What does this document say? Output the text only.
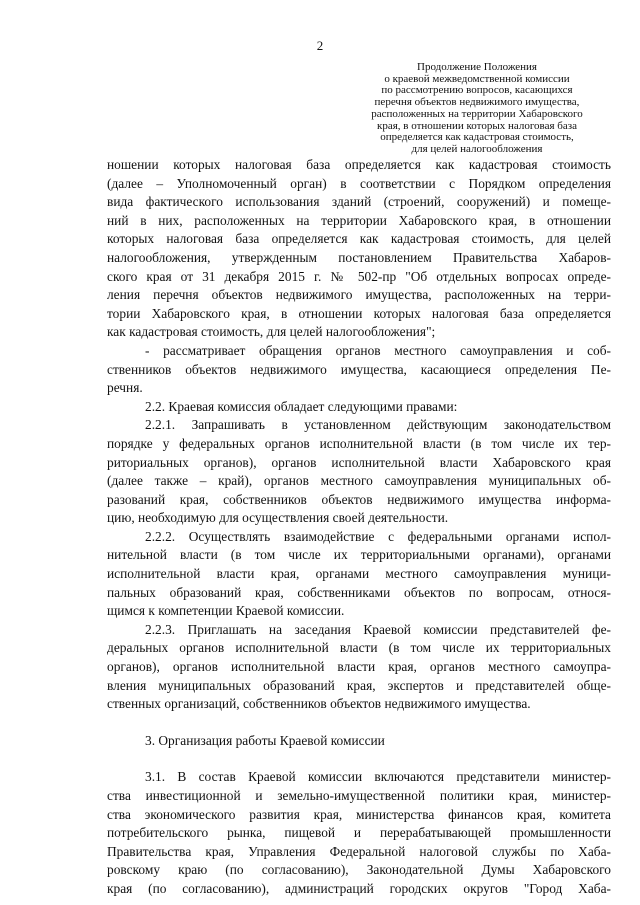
2
Продолжение Положения
о краевой межведомственной комиссии
по рассмотрению вопросов, касающихся
перечня объектов недвижимого имущества,
расположенных на территории Хабаровского
края, в отношении которых налоговая база
определяется как кадастровая стоимость,
для целей налогообложения

ношении которых налоговая база определяется как кадастровая стоимость

(далее – Уполномоченный орган) в соответствии с Порядком определения

вида фактического использования зданий (строений, сооружений) и помеще-

ний в них, расположенных на территории Хабаровского края, в отношении

которых налоговая база определяется как кадастровая стоимость, для целей

налогообложения, утвержденным постановлением Правительства Хабаров-

ского края от 31 декабря 2015 г. № 502-пр "Об отдельных вопросах опреде-

ления перечня объектов недвижимого имущества, расположенных на терри-

тории Хабаровского края, в отношении которых налоговая база определяется

как кадастровая стоимость, для целей налогообложения";

- рассматривает обращения органов местного самоуправления и соб-

ственников объектов недвижимого имущества, касающиеся определения Пе-

речня.

2.2. Краевая комиссия обладает следующими правами:

2.2.1. Запрашивать в установленном действующим законодательством

порядке у федеральных органов исполнительной власти (в том числе их тер-

риториальных органов), органов исполнительной власти Хабаровского края

(далее также – край), органов местного самоуправления муниципальных об-

разований края, собственников объектов недвижимого имущества информа-

цию, необходимую для осуществления своей деятельности.

2.2.2. Осуществлять взаимодействие с федеральными органами испол-

нительной власти (в том числе их территориальными органами), органами

исполнительной власти края, органами местного самоуправления муници-

пальных образований края, собственниками объектов по вопросам, относя-

щимся к компетенции Краевой комиссии.

2.2.3. Приглашать на заседания Краевой комиссии представителей фе-

деральных органов исполнительной власти (в том числе их территориальных

органов), органов исполнительной власти края, органов местного самоупра-

вления муниципальных образований края, экспертов и представителей обще-

ственных организаций, собственников объектов недвижимого имущества.

3. Организация работы Краевой комиссии

3.1. В состав Краевой комиссии включаются представители министер-

ства инвестиционной и земельно-имущественной политики края, министер-

ства экономического развития края, министерства финансов края, комитета

потребительского рынка, пищевой и перерабатывающей промышленности

Правительства края, Управления Федеральной налоговой службы по Хаба-

ровскому краю (по согласованию), Законодательной Думы Хабаровского

края (по согласованию), администраций городских округов "Город Хаба-
